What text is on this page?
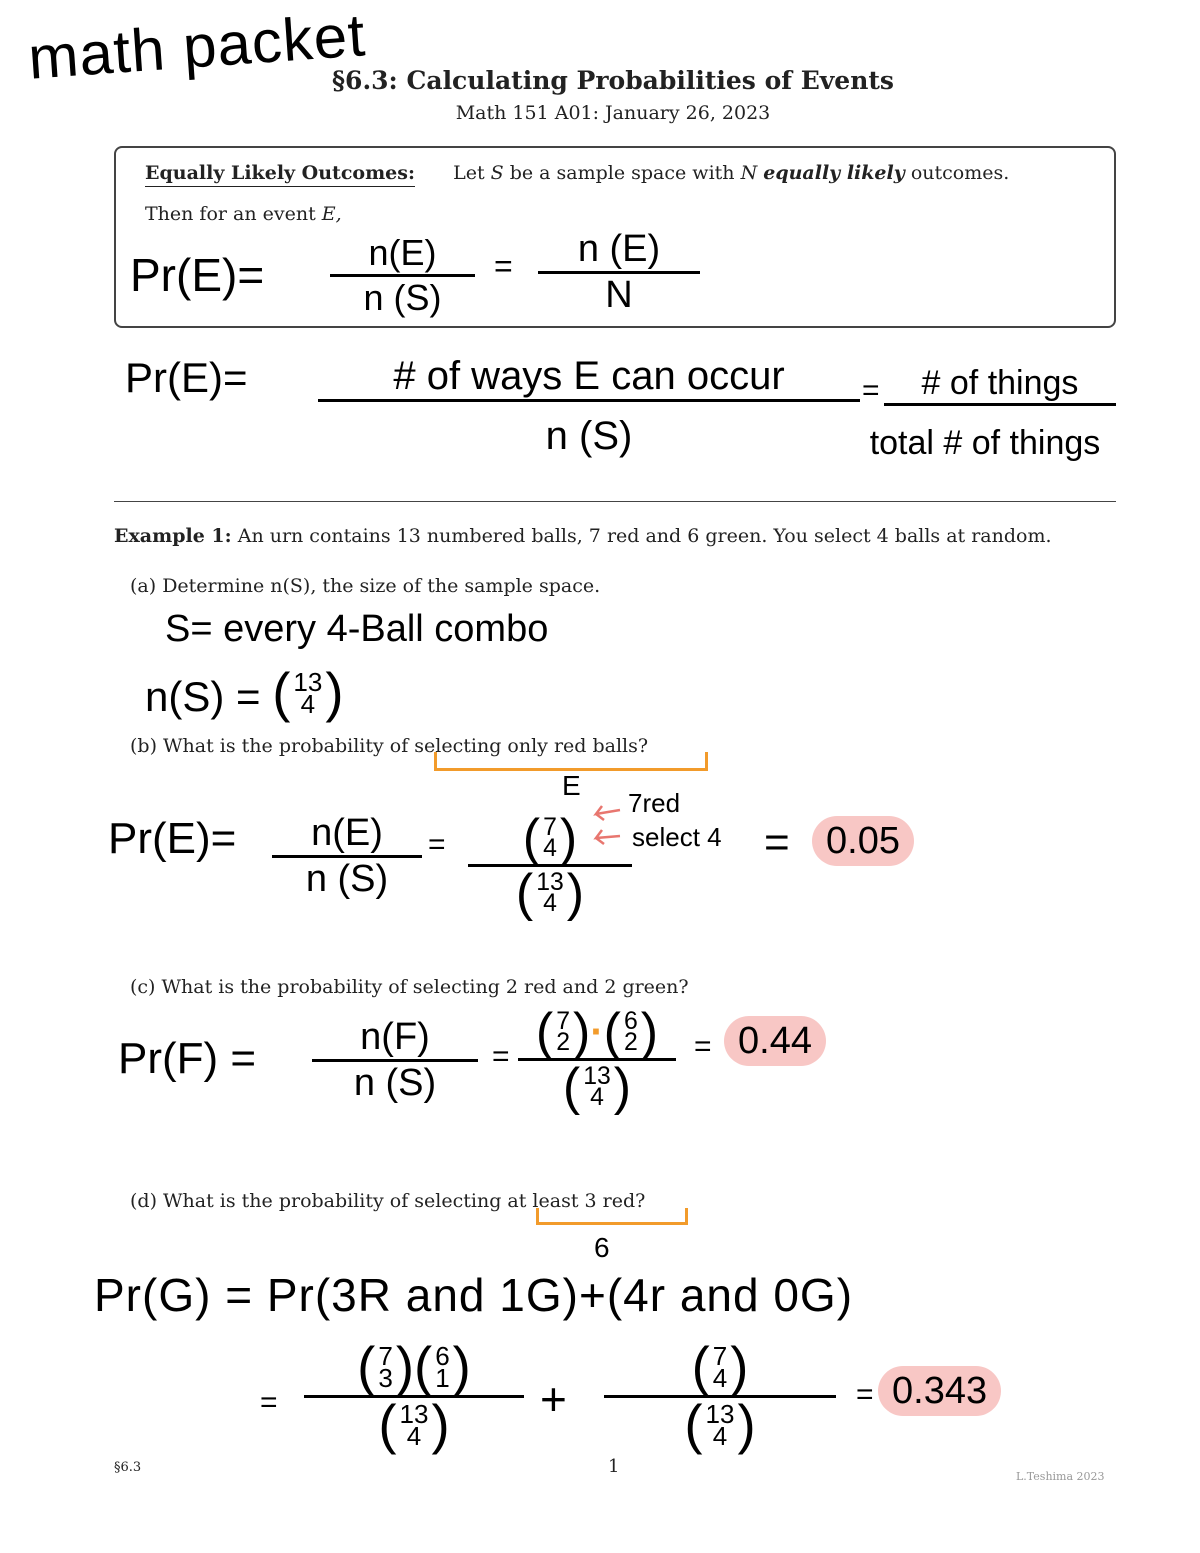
math packet
§6.3: Calculating Probabilities of Events
Math 151 A01: January 26, 2023
Equally Likely Outcomes: Let S be a sample space with N equally likely outcomes.
Then for an event E,
Pr(E)=	n(E)
n (S)
= n (E)
N
Pr(E)=	# of ways E can occur
n (S)
= # of things
total # of things
Example 1: An urn contains 13 numbered balls, 7 red and 6 green. You select 4 balls at random.
(a) Determine n(S), the size of the sample space.
S= every 4-Ball combo
n(S) = ( 13
4 )
(b) What is the probability of selecting only red balls?
E
Pr(E)= n(E)
n (S)
= ( 7
4 )
( 13
4 )
7red
select 4 = 0.05
(c) What is the probability of selecting 2 red and 2 green?
Pr(F) =	n(F)
n (S)
= ( 7
2 ) · ( 6
2 )
( 13
4 )
= 0.44
(d) What is the probability of selecting at least 3 red?
6
Pr(G) = Pr(3R and 1G)+(4r and 0G)
=
( 7
3 ) ( 6
1 )
( 13
4 ) +
( 7
4 )
( 13
4 )	= 0.343
§6.3	1	L.Teshima 2023
